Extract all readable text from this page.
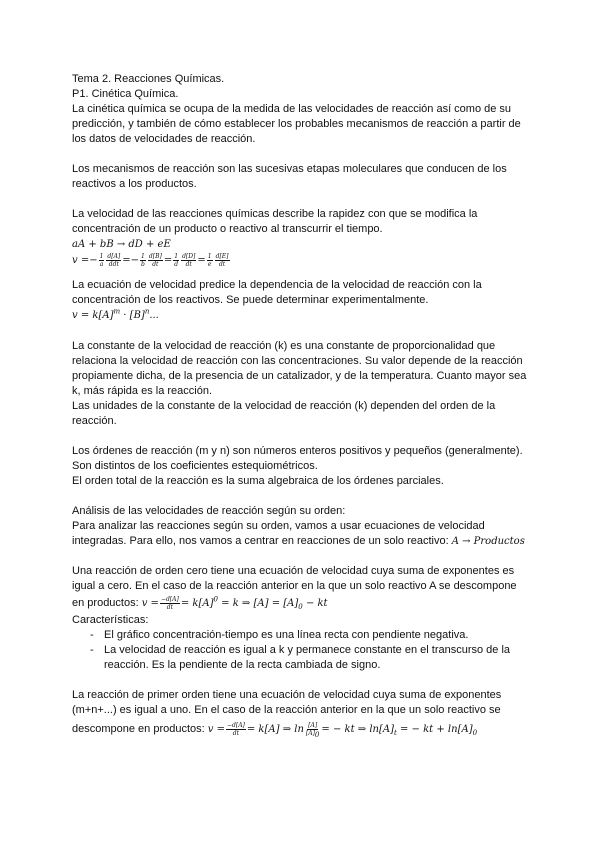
Tema 2. Reacciones Químicas.

P1. Cinética Química.

La cinética química se ocupa de la medida de las velocidades de reacción así como de su predicción, y también de cómo establecer los probables mecanismos de reacción a partir de los datos de velocidades de reacción.

Los mecanismos de reacción son las sucesivas etapas moleculares que conducen de los reactivos a los productos.

La velocidad de las reacciones químicas describe la rapidez con que se modifica la concentración de un producto o reactivo al transcurrir el tiempo.

aA + bB → dD + eE

$v =- \frac{1}{a} \frac{d[A]}{\text{ddt}} =- \frac{1}{b} \frac{d[B]}{dt} = \frac{1}{d} \frac{d[D]}{dt} = \frac{1}{e} \frac{d[E]}{dt}$

La ecuación de velocidad predice la dependencia de la velocidad de reacción con la concentración de los reactivos. Se puede determinar experimentalmente.

$v = k[A]^m \cdot [B]^n$...

La constante de la velocidad de reacción (k) es una constante de proporcionalidad que relaciona la velocidad de reacción con las concentraciones. Su valor depende de la reacción propiamente dicha, de la presencia de un catalizador, y de la temperatura. Cuanto mayor sea k, más rápida es la reacción.

Las unidades de la constante de la velocidad de reacción (k) dependen del orden de la reacción.

Los órdenes de reacción (m y n) son números enteros positivos y pequeños (generalmente). Son distintos de los coeficientes estequiométricos.

El orden total de la reacción es la suma algebraica de los órdenes parciales.

Análisis de las velocidades de reacción según su orden:

Para analizar las reacciones según su orden, vamos a usar ecuaciones de velocidad integradas. Para ello, nos vamos a centrar en reacciones de un solo reactivo: A → Productos

Una reacción de orden cero tiene una ecuación de velocidad cuya suma de exponentes es igual a cero. En el caso de la reacción anterior en la que un solo reactivo A se descompone

en productos: $v = \frac{-d[A]}{dt} = k[A]^0 = k$ ⇒ $[A] = [A]_0$ − kt

Características:

- El gráfico concentración-tiempo es una línea recta con pendiente negativa.
- La velocidad de reacción es igual a k y permanece constante en el transcurso de la reacción. Es la pendiente de la recta cambiada de signo.

La reacción de primer orden tiene una ecuación de velocidad cuya suma de exponentes (m+n+...) es igual a uno. En el caso de la reacción anterior en la que un solo reactivo se

descompone en productos: $v = \frac{-d[A]}{dt} = k[A]$ ⇒ $\ln \frac{[A]}{[A]_0}$ = − kt ⇒ $\ln[A]_t$ = − kt + $\ln[A]_0$
